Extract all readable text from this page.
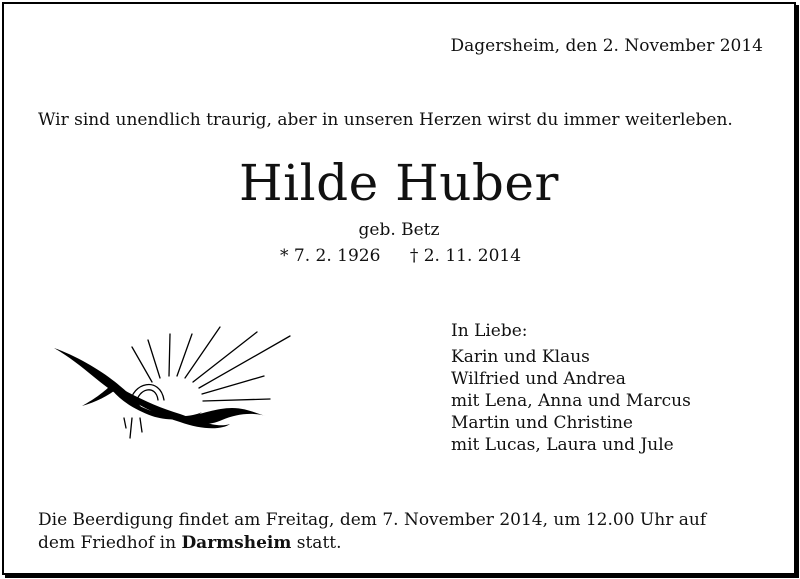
Dagersheim, den 2. November 2014
Wir sind unendlich traurig, aber in unseren Herzen wirst du immer weiterleben.
Hilde Huber
geb. Betz
* 7. 2. 1926 † 2. 11. 2014
In Liebe:
Karin und Klaus
Wilfried und Andrea
mit Lena, Anna und Marcus
Martin und Christine
mit Lucas, Laura und Jule
Die Beerdigung findet am Freitag, dem 7. November 2014, um 12.00 Uhr auf
dem Friedhof in Darmsheim statt.
